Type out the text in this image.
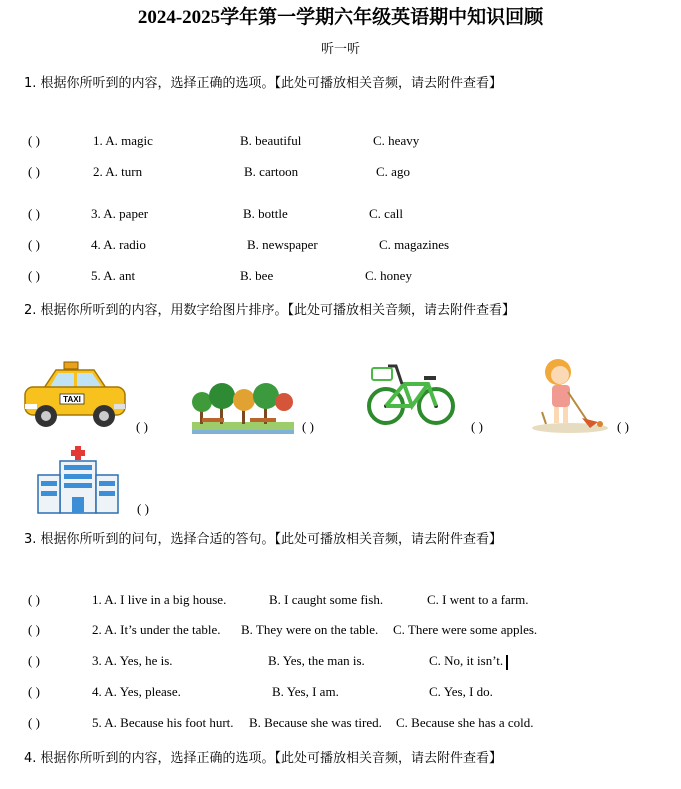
2024-2025学年第一学期六年级英语期中知识回顾
听一听
1. 根据你所听到的内容，选择正确的选项。【此处可播放相关音频，请去附件查看】
( )	1. A. magic	B. beautiful	C. heavy
( )	2. A. turn	B. cartoon	C. ago
( )	3. A. paper	B. bottle	C. call
( )	4. A. radio	B. newspaper	C. magazines
( )	5. A. ant	B. bee	C. honey
2. 根据你所听到的内容，用数字给图片排序。【此处可播放相关音频，请去附件查看】
TAXI
( )	( )	( )	( )
( )
3. 根据你所听到的问句，选择合适的答句。【此处可播放相关音频，请去附件查看】
( )	1. A. I live in a big house.	B. I caught some fish.	C. I went to a farm.
( )	2. A. It’s under the table. B. They were on the table. C. There were some apples.
( )	3. A. Yes, he is.	B. Yes, the man is.	C. No, it isn’t.
( )	4. A. Yes, please.	B. Yes, I am.	C. Yes, I do.
( )	5. A. Because his foot hurt. B. Because she was tired. C. Because she has a cold.
4. 根据你所听到的内容，选择正确的选项。【此处可播放相关音频，请去附件查看】
